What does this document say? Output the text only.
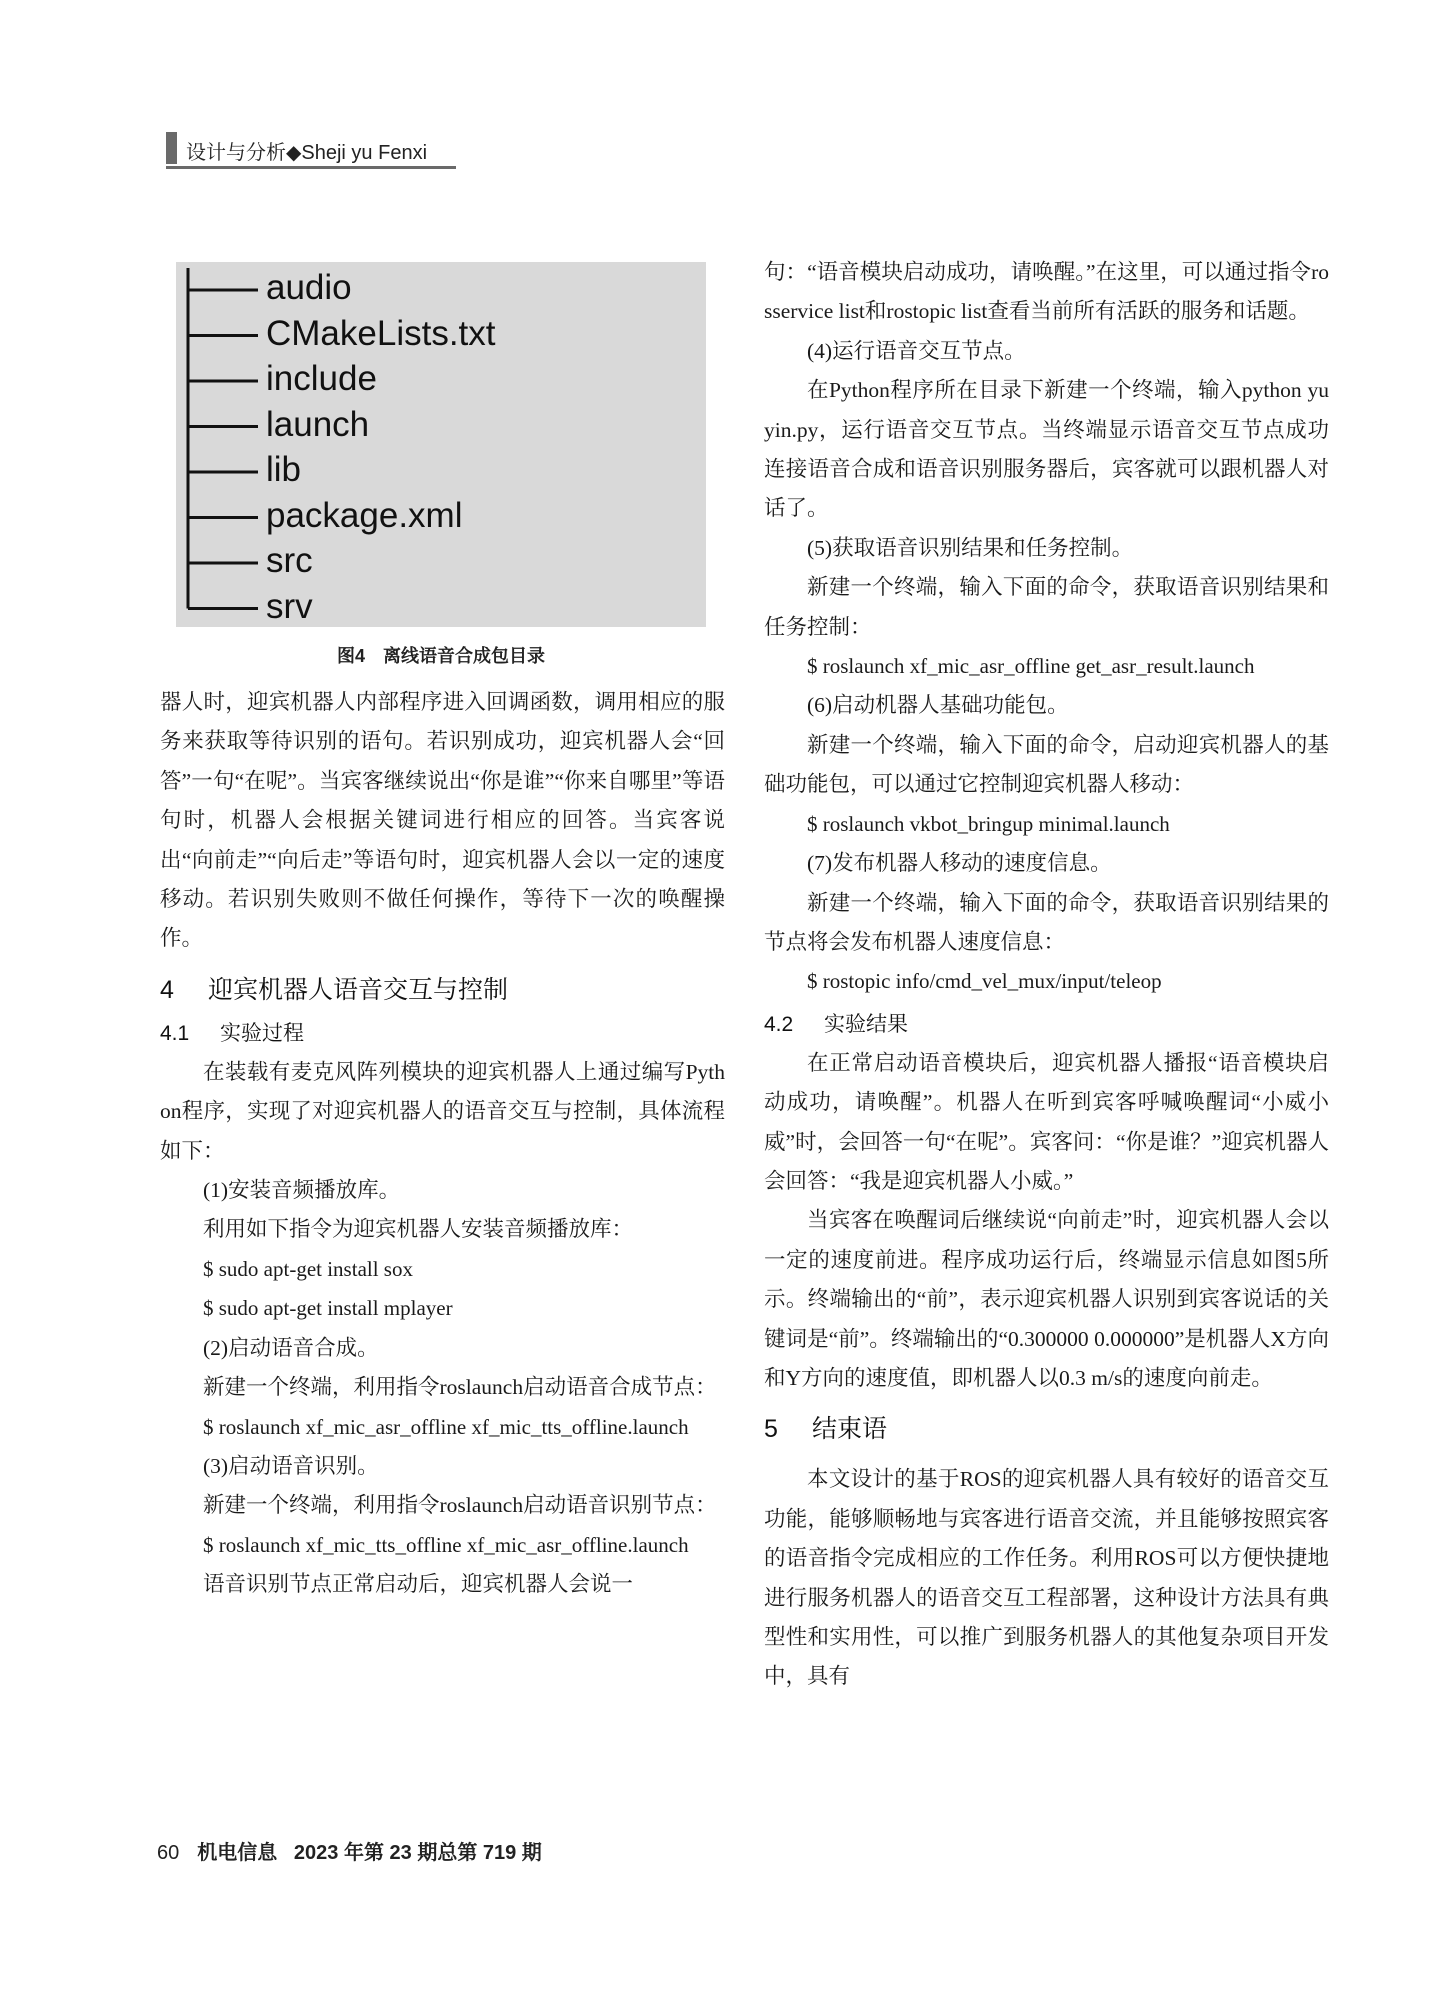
设计与分析◆Sheji yu Fenxi
audio
CMakeLists.txt
include
launch
lib
package.xml
src
srv
图4　离线语音合成包目录

器人时，迎宾机器人内部程序进入回调函数，调用相应的服务来获取等待识别的语句。若识别成功，迎宾机器人会“回答”一句“在呢”。当宾客继续说出“你是谁”“你来自哪里”等语句时，机器人会根据关键词进行相应的回答。当宾客说出“向前走”“向后走”等语句时，迎宾机器人会以一定的速度移动。若识别失败则不做任何操作，等待下一次的唤醒操作。

4 迎宾机器人语音交互与控制
4.1 实验过程

在装载有麦克风阵列模块的迎宾机器人上通过编写Python程序，实现了对迎宾机器人的语音交互与控制，具体流程如下：

(1)安装音频播放库。

利用如下指令为迎宾机器人安装音频播放库：

$ sudo apt-get install sox

$ sudo apt-get install mplayer

(2)启动语音合成。

新建一个终端，利用指令roslaunch启动语音合成节点：

$ roslaunch xf_mic_asr_offline xf_mic_tts_offline.launch

(3)启动语音识别。

新建一个终端，利用指令roslaunch启动语音识别节点：

$ roslaunch xf_mic_tts_offline xf_mic_asr_offline.launch

语音识别节点正常启动后，迎宾机器人会说一

句：“语音模块启动成功，请唤醒。”在这里，可以通过指令rosservice list和rostopic list查看当前所有活跃的服务和话题。

(4)运行语音交互节点。

在Python程序所在目录下新建一个终端，输入python yuyin.py，运行语音交互节点。当终端显示语音交互节点成功连接语音合成和语音识别服务器后，宾客就可以跟机器人对话了。

(5)获取语音识别结果和任务控制。

新建一个终端，输入下面的命令，获取语音识别结果和任务控制：

$ roslaunch xf_mic_asr_offline get_asr_result.launch

(6)启动机器人基础功能包。

新建一个终端，输入下面的命令，启动迎宾机器人的基础功能包，可以通过它控制迎宾机器人移动：

$ roslaunch vkbot_bringup minimal.launch

(7)发布机器人移动的速度信息。

新建一个终端，输入下面的命令，获取语音识别结果的节点将会发布机器人速度信息：

$ rostopic info/cmd_vel_mux/input/teleop

4.2 实验结果

在正常启动语音模块后，迎宾机器人播报“语音模块启动成功，请唤醒”。机器人在听到宾客呼喊唤醒词“小威小威”时，会回答一句“在呢”。宾客问：“你是谁？”迎宾机器人会回答：“我是迎宾机器人小威。”

当宾客在唤醒词后继续说“向前走”时，迎宾机器人会以一定的速度前进。程序成功运行后，终端显示信息如图5所示。终端输出的“前”，表示迎宾机器人识别到宾客说话的关键词是“前”。终端输出的“0.300000 0.000000”是机器人X方向和Y方向的速度值，即机器人以0.3 m/s的速度向前走。

5 结束语

本文设计的基于ROS的迎宾机器人具有较好的语音交互功能，能够顺畅地与宾客进行语音交流，并且能够按照宾客的语音指令完成相应的工作任务。利用ROS可以方便快捷地进行服务机器人的语音交互工程部署，这种设计方法具有典型性和实用性，可以推广到服务机器人的其他复杂项目开发中，具有

60 机电信息 2023 年第 23 期总第 719 期
